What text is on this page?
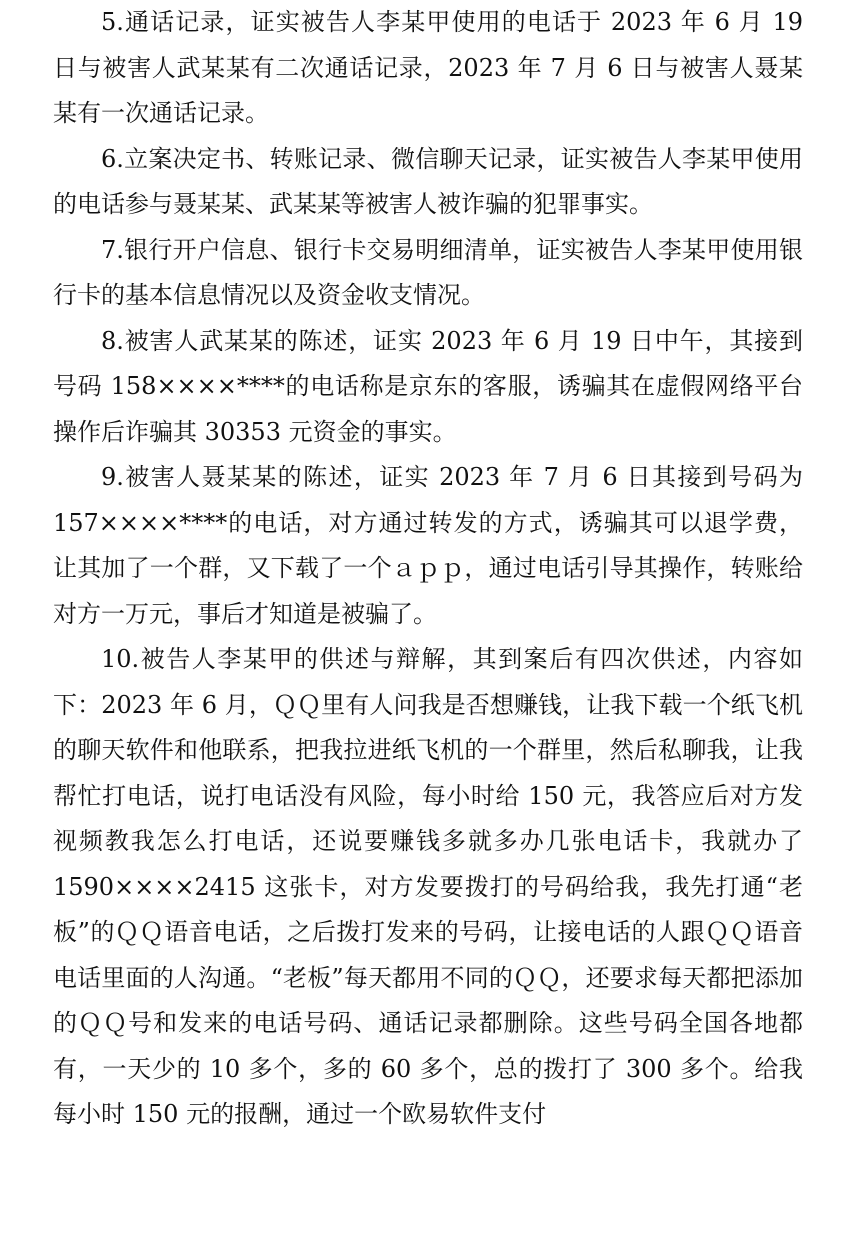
5.通话记录，证实被告人李某甲使用的电话于 2023 年 6 月 19 日与被害人武某某有二次通话记录，2023 年 7 月 6 日与被害人聂某某有一次通话记录。

6.立案决定书、转账记录、微信聊天记录，证实被告人李某甲使用的电话参与聂某某、武某某等被害人被诈骗的犯罪事实。

7.银行开户信息、银行卡交易明细清单，证实被告人李某甲使用银行卡的基本信息情况以及资金收支情况。

8.被害人武某某的陈述，证实 2023 年 6 月 19 日中午，其接到号码 158××××****的电话称是京东的客服，诱骗其在虚假网络平台操作后诈骗其 30353 元资金的事实。

9.被害人聂某某的陈述，证实 2023 年 7 月 6 日其接到号码为 157××××****的电话，对方通过转发的方式，诱骗其可以退学费，让其加了一个群，又下载了一个ａｐｐ，通过电话引导其操作，转账给对方一万元，事后才知道是被骗了。

10.被告人李某甲的供述与辩解，其到案后有四次供述，内容如下：2023 年 6 月，ＱＱ里有人问我是否想赚钱，让我下载一个纸飞机的聊天软件和他联系，把我拉进纸飞机的一个群里，然后私聊我，让我帮忙打电话，说打电话没有风险，每小时给 150 元，我答应后对方发视频教我怎么打电话，还说要赚钱多就多办几张电话卡，我就办了 1590××××2415 这张卡，对方发要拨打的号码给我，我先打通“老板”的ＱＱ语音电话，之后拨打发来的号码，让接电话的人跟ＱＱ语音电话里面的人沟通。“老板”每天都用不同的ＱＱ，还要求每天都把添加的ＱＱ号和发来的电话号码、通话记录都删除。这些号码全国各地都有，一天少的 10 多个，多的 60 多个，总的拨打了 300 多个。给我每小时 150 元的报酬，通过一个欧易软件支付
